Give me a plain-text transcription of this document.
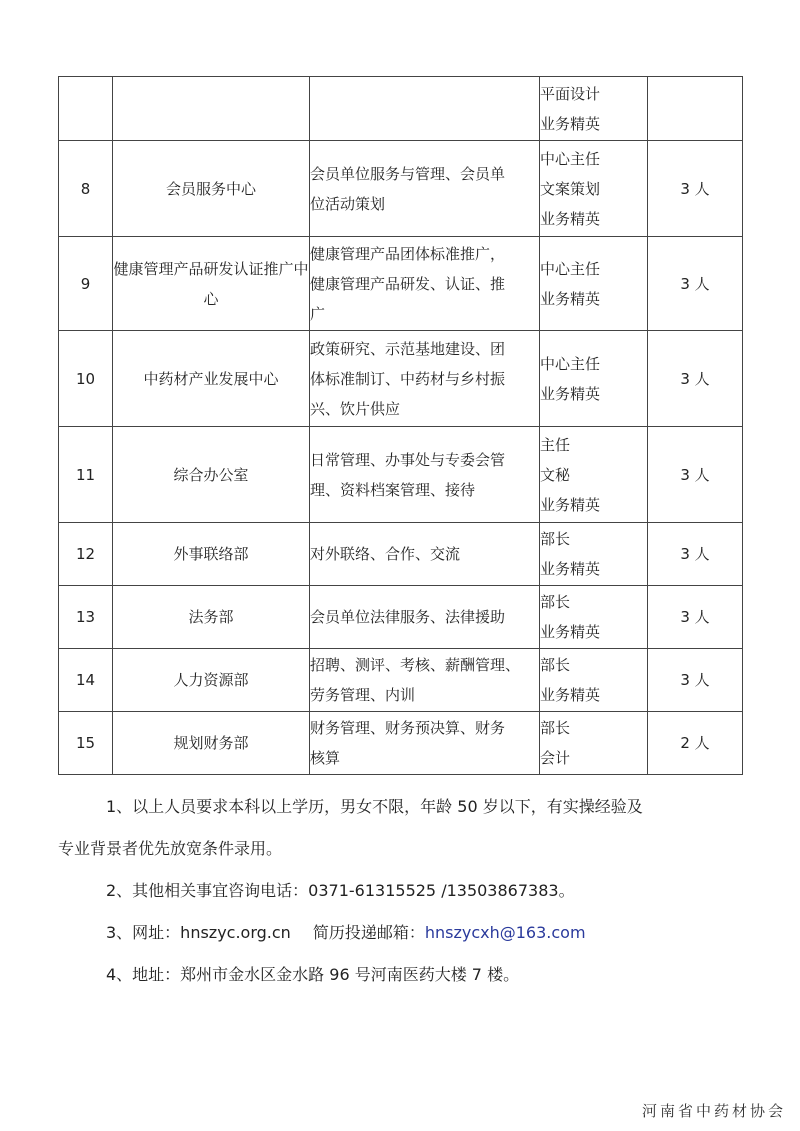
			平面设计
业务精英	

8	会员服务中心	会员单位服务与管理、会员单
位活动策划	中心主任
文案策划
业务精英	3 人
9	健康管理产品研发认证推广中心	健康管理产品团体标准推广，
健康管理产品研发、认证、推
广	中心主任
业务精英	3 人
10	中药材产业发展中心	政策研究、示范基地建设、团
体标准制订、中药材与乡村振
兴、饮片供应	中心主任
业务精英	3 人
11	综合办公室	日常管理、办事处与专委会管
理、资料档案管理、接待	主任
文秘
业务精英	3 人
12	外事联络部	对外联络、合作、交流	部长
业务精英	3 人
13	法务部	会员单位法律服务、法律援助	部长
业务精英	3 人
14	人力资源部	招聘、测评、考核、薪酬管理、
劳务管理、内训	部长
业务精英	3 人
15	规划财务部	财务管理、财务预决算、财务
核算	部长
会计	2 人
1、以上人员要求本科以上学历，男女不限，年龄 50 岁以下，有实操经验及
专业背景者优先放宽条件录用。
2、其他相关事宜咨询电话：0371-61315525 /13503867383。
3、网址：hnszyc.org.cn 简历投递邮箱：hnszycxh@163.com
4、地址：郑州市金水区金水路 96 号河南医药大楼 7 楼。
河南省中药材协会
